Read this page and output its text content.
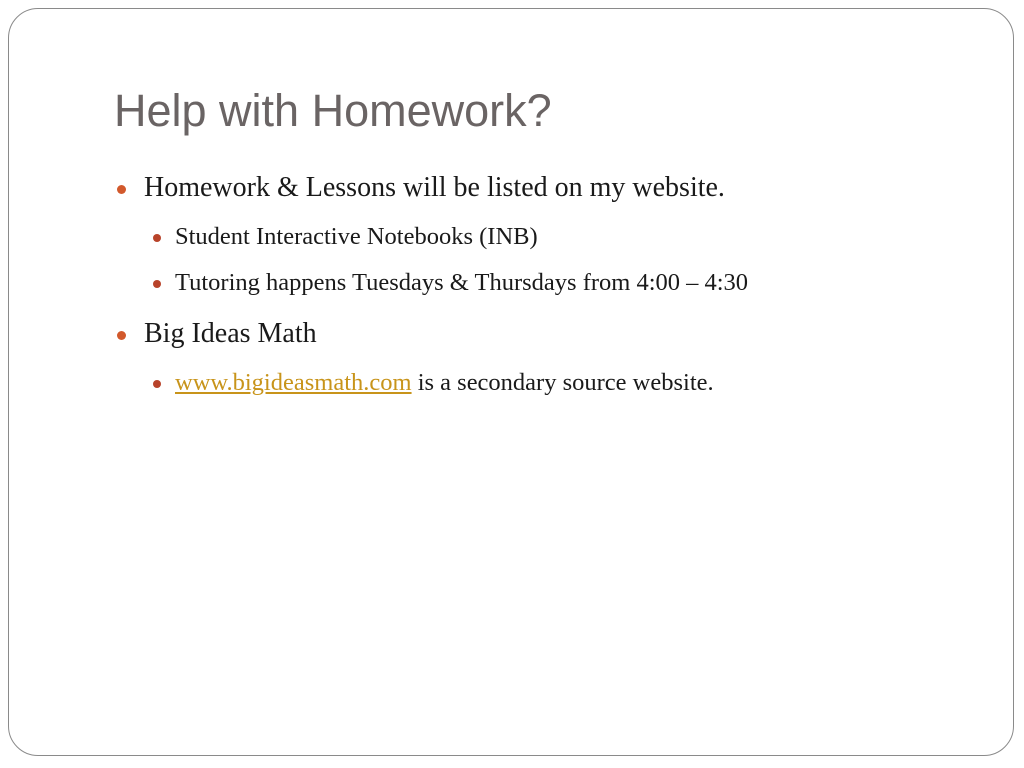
Help with Homework?
Homework & Lessons will be listed on my website.
Student Interactive Notebooks (INB)
Tutoring happens Tuesdays & Thursdays from 4:00 – 4:30
Big Ideas Math
www.bigideasmath.com is a secondary source website.
